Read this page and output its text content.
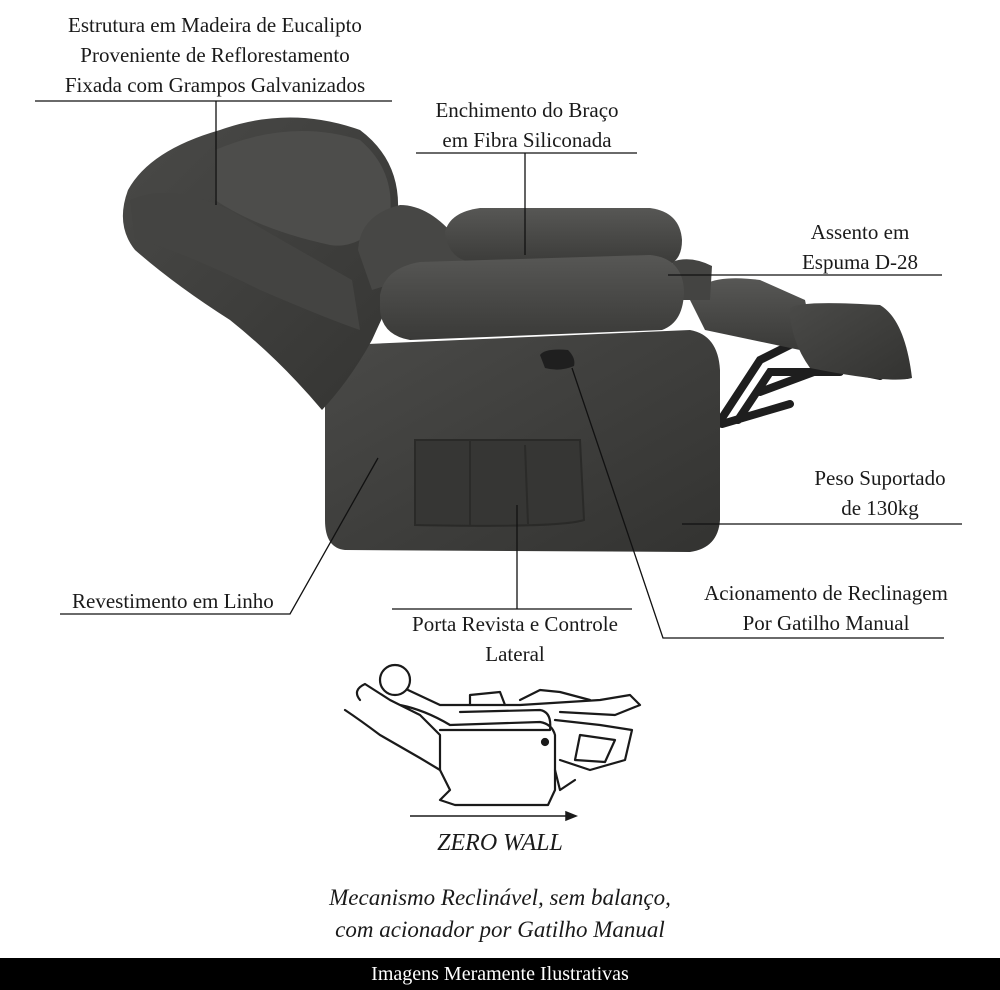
Estrutura em Madeira de Eucalipto
Proveniente de Reflorestamento
Fixada com Grampos Galvanizados
Enchimento do Braço
em Fibra Siliconada
Assento em
Espuma D-28
Peso Suportado
de 130kg
Revestimento em Linho
Porta Revista e Controle
Lateral
Acionamento de Reclinagem
Por Gatilho Manual
ZERO WALL
Mecanismo Reclinável, sem balanço,
com acionador por Gatilho Manual
Imagens Meramente Ilustrativas
